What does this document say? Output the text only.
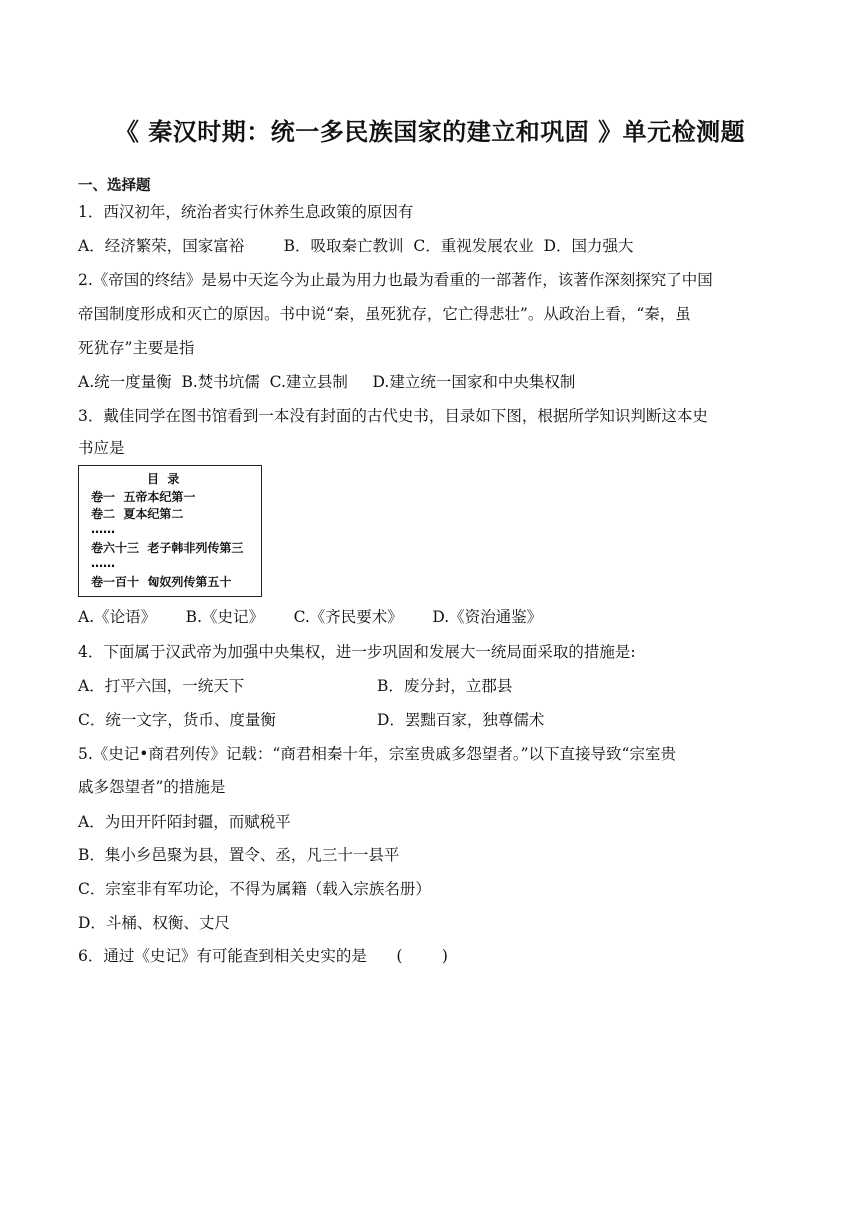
《 秦汉时期：统一多民族国家的建立和巩固 》单元检测题
一、选择题
1．西汉初年，统治者实行休养生息政策的原因有
A．经济繁荣，国家富裕        B．吸取秦亡教训  C．重视发展农业  D．国力强大
2.《帝国的终结》是易中天迄今为止最为用力也最为看重的一部著作，该著作深刻探究了中国
帝国制度形成和灭亡的原因。书中说“秦，虽死犹存，它亡得悲壮”。从政治上看，“秦，虽
死犹存”主要是指
A.统一度量衡  B.焚书坑儒  C.建立县制     D.建立统一国家和中央集权制
3．戴佳同学在图书馆看到一本没有封面的古代史书，目录如下图，根据所学知识判断这本史
书应是
目  录
卷一  五帝本纪第一
卷二  夏本纪第二
……
卷六十三  老子韩非列传第三
……
卷一百十  匈奴列传第五十
A.《论语》      B.《史记》      C.《齐民要术》      D.《资治通鉴》
4．下面属于汉武帝为加强中央集权，进一步巩固和发展大一统局面采取的措施是:
A．打平六国，一统天下	B．废分封，立郡县
C．统一文字，货币、度量衡	D．罢黜百家，独尊儒术
5.《史记•商君列传》记载：“商君相秦十年，宗室贵戚多怨望者。”以下直接导致“宗室贵
戚多怨望者”的措施是
A．为田开阡陌封疆，而赋税平
B．集小乡邑聚为县，置令、丞，凡三十一县平
C．宗室非有军功论，不得为属籍（载入宗族名册）
D．斗桶、权衡、丈尺
6．通过《史记》有可能查到相关史实的是      (        )
